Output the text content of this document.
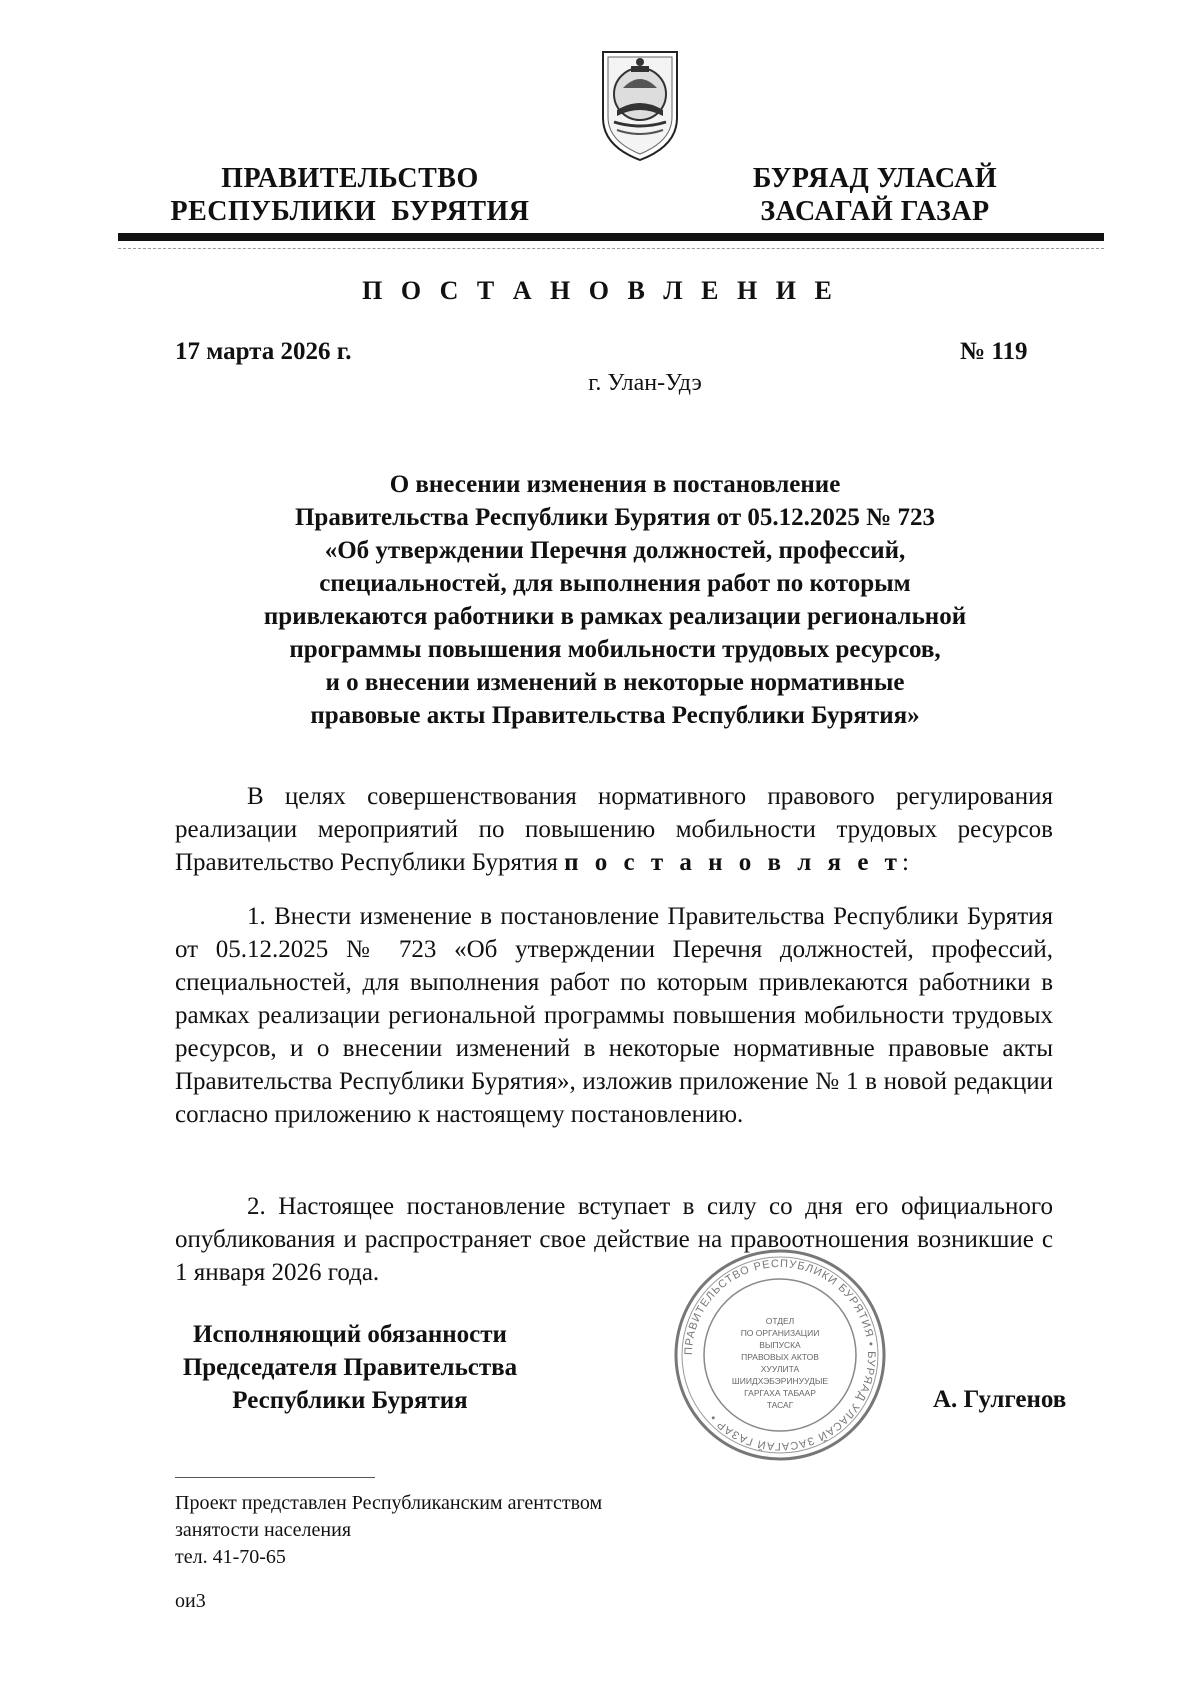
ПРАВИТЕЛЬСТВО
РЕСПУБЛИКИ  БУРЯТИЯ
БУРЯАД УЛАСАЙ
ЗАСАГАЙ ГАЗАР
П О С Т А Н О В Л Е Н И Е
17 марта 2026 г.	№ 119
г. Улан-Удэ
О внесении изменения в постановление
Правительства Республики Бурятия от 05.12.2025 № 723
«Об утверждении Перечня должностей, профессий,
специальностей, для выполнения работ по которым
привлекаются работники в рамках реализации региональной
программы повышения мобильности трудовых ресурсов,
и о внесении изменений в некоторые нормативные
правовые акты Правительства Республики Бурятия»
В целях совершенствования нормативного правового регулирования реализации мероприятий по повышению мобильности трудовых ресурсов Правительство Республики Бурятия п о с т а н о в л я е т:
1. Внести изменение в постановление Правительства Республики Бурятия от 05.12.2025 № 723 «Об утверждении Перечня должностей, профессий, специальностей, для выполнения работ по которым привлекаются работники в рамках реализации региональной программы повышения мобильности трудовых ресурсов, и о внесении изменений в некоторые нормативные правовые акты Правительства Республики Бурятия», изложив приложение № 1 в новой редакции согласно приложению к настоящему постановлению.
2. Настоящее постановление вступает в силу со дня его официального опубликования и распространяет свое действие на правоотношения возникшие с 1 января 2026 года.
Исполняющий обязанности
Председателя Правительства
Республики Бурятия
ПРАВИТЕЛЬСТВО РЕСПУБЛИКИ БУРЯТИЯ • БУРЯАД УЛАСАЙ ЗАСАГАЙ ГАЗАР •
ОТДЕЛ
ПО ОРГАНИЗАЦИИ
ВЫПУСКА
ПРАВОВЫХ АКТОВ
ХУУЛИТА
ШИИДХЭБЭРИНУУДЫЕ
ГАРГАХА ТАБААР
ТАСАГ	А. Гулгенов
Проект представлен Республиканским агентством
занятости населения
тел. 41-70-65
ои3
